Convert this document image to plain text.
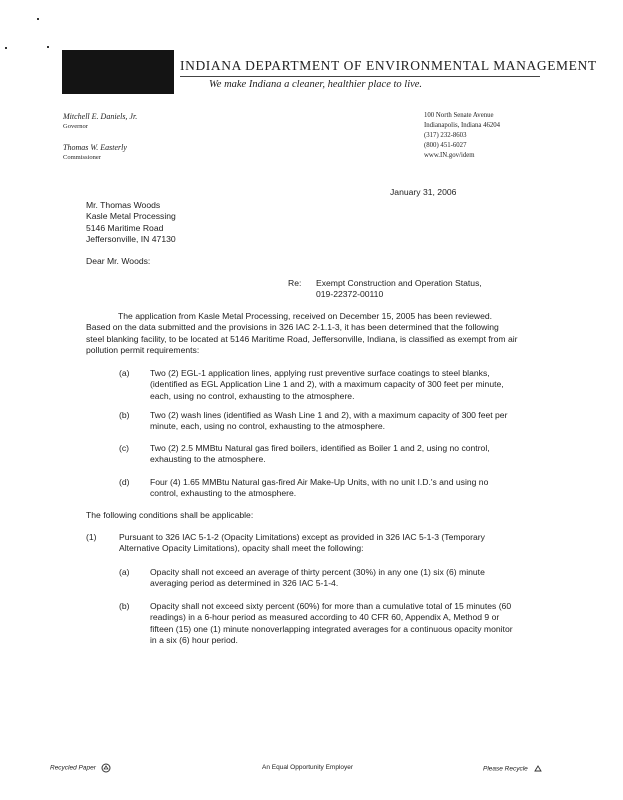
INDIANA DEPARTMENT OF ENVIRONMENTAL MANAGEMENT
We make Indiana a cleaner, healthier place to live.
Mitchell E. Daniels, Jr.
Governor
Thomas W. Easterly
Commissioner
100 North Senate Avenue
Indianapolis, Indiana 46204
(317) 232-8603
(800) 451-6027
www.IN.gov/idem
January 31, 2006
Mr. Thomas Woods
Kasle Metal Processing
5146 Maritime Road
Jeffersonville, IN 47130
Dear Mr. Woods:
Re: Exempt Construction and Operation Status,
019-22372-00110
The application from Kasle Metal Processing, received on December 15, 2005 has been reviewed. Based on the data submitted and the provisions in 326 IAC 2-1.1-3, it has been determined that the following steel blanking facility, to be located at 5146 Maritime Road, Jeffersonville, Indiana, is classified as exempt from air pollution permit requirements:
(a) Two (2) EGL-1 application lines, applying rust preventive surface coatings to steel blanks, (identified as EGL Application Line 1 and 2), with a maximum capacity of 300 feet per minute, each, using no control, exhausting to the atmosphere.
(b) Two (2) wash lines (identified as Wash Line 1 and 2), with a maximum capacity of 300 feet per minute, each, using no control, exhausting to the atmosphere.
(c) Two (2) 2.5 MMBtu Natural gas fired boilers, identified as Boiler 1 and 2, using no control, exhausting to the atmosphere.
(d) Four (4) 1.65 MMBtu Natural gas-fired Air Make-Up Units, with no unit I.D.'s and using no control, exhausting to the atmosphere.
The following conditions shall be applicable:
(1)	Pursuant to 326 IAC 5-1-2 (Opacity Limitations) except as provided in 326 IAC 5-1-3 (Temporary Alternative Opacity Limitations), opacity shall meet the following:
(a) Opacity shall not exceed an average of thirty percent (30%) in any one (1) six (6) minute averaging period as determined in 326 IAC 5-1-4.
(b) Opacity shall not exceed sixty percent (60%) for more than a cumulative total of 15 minutes (60 readings) in a 6-hour period as measured according to 40 CFR 60, Appendix A, Method 9 or fifteen (15) one (1) minute nonoverlapping integrated averages for a continuous opacity monitor in a six (6) hour period.
Recycled Paper	An Equal Opportunity Employer	Please Recycle
